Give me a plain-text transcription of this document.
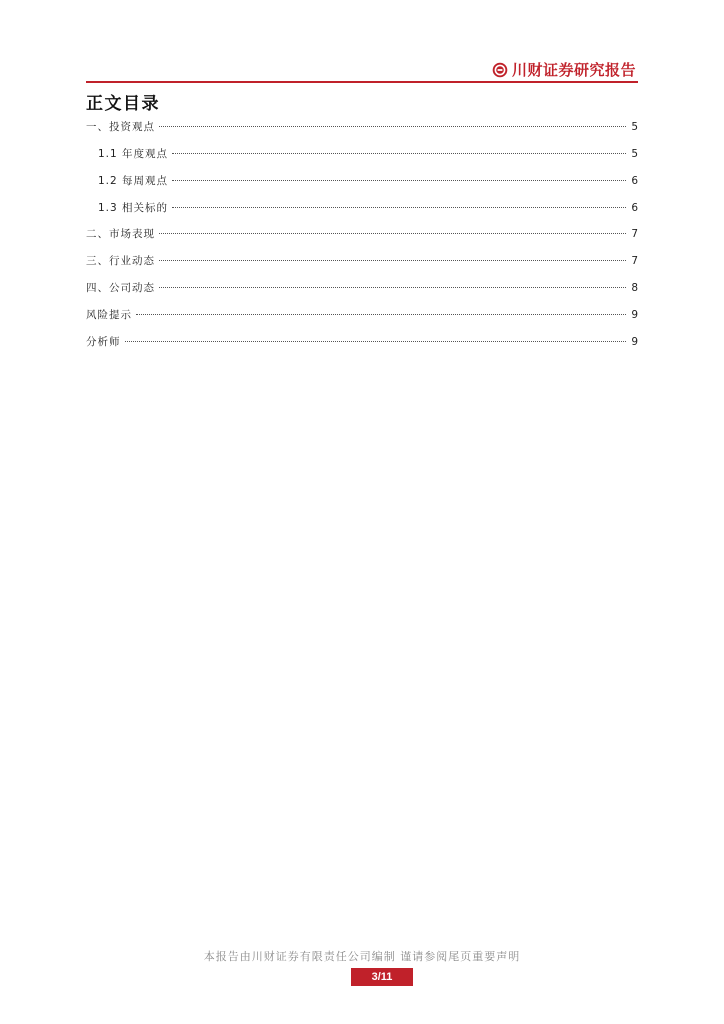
川财证券研究报告
正文目录
一、投资观点	5
1.1 年度观点	5
1.2 每周观点	6
1.3 相关标的	6
二、市场表现	7
三、行业动态	7
四、公司动态	8
风险提示	9
分析师	9
本报告由川财证券有限责任公司编制 谨请参阅尾页重要声明
3/11
